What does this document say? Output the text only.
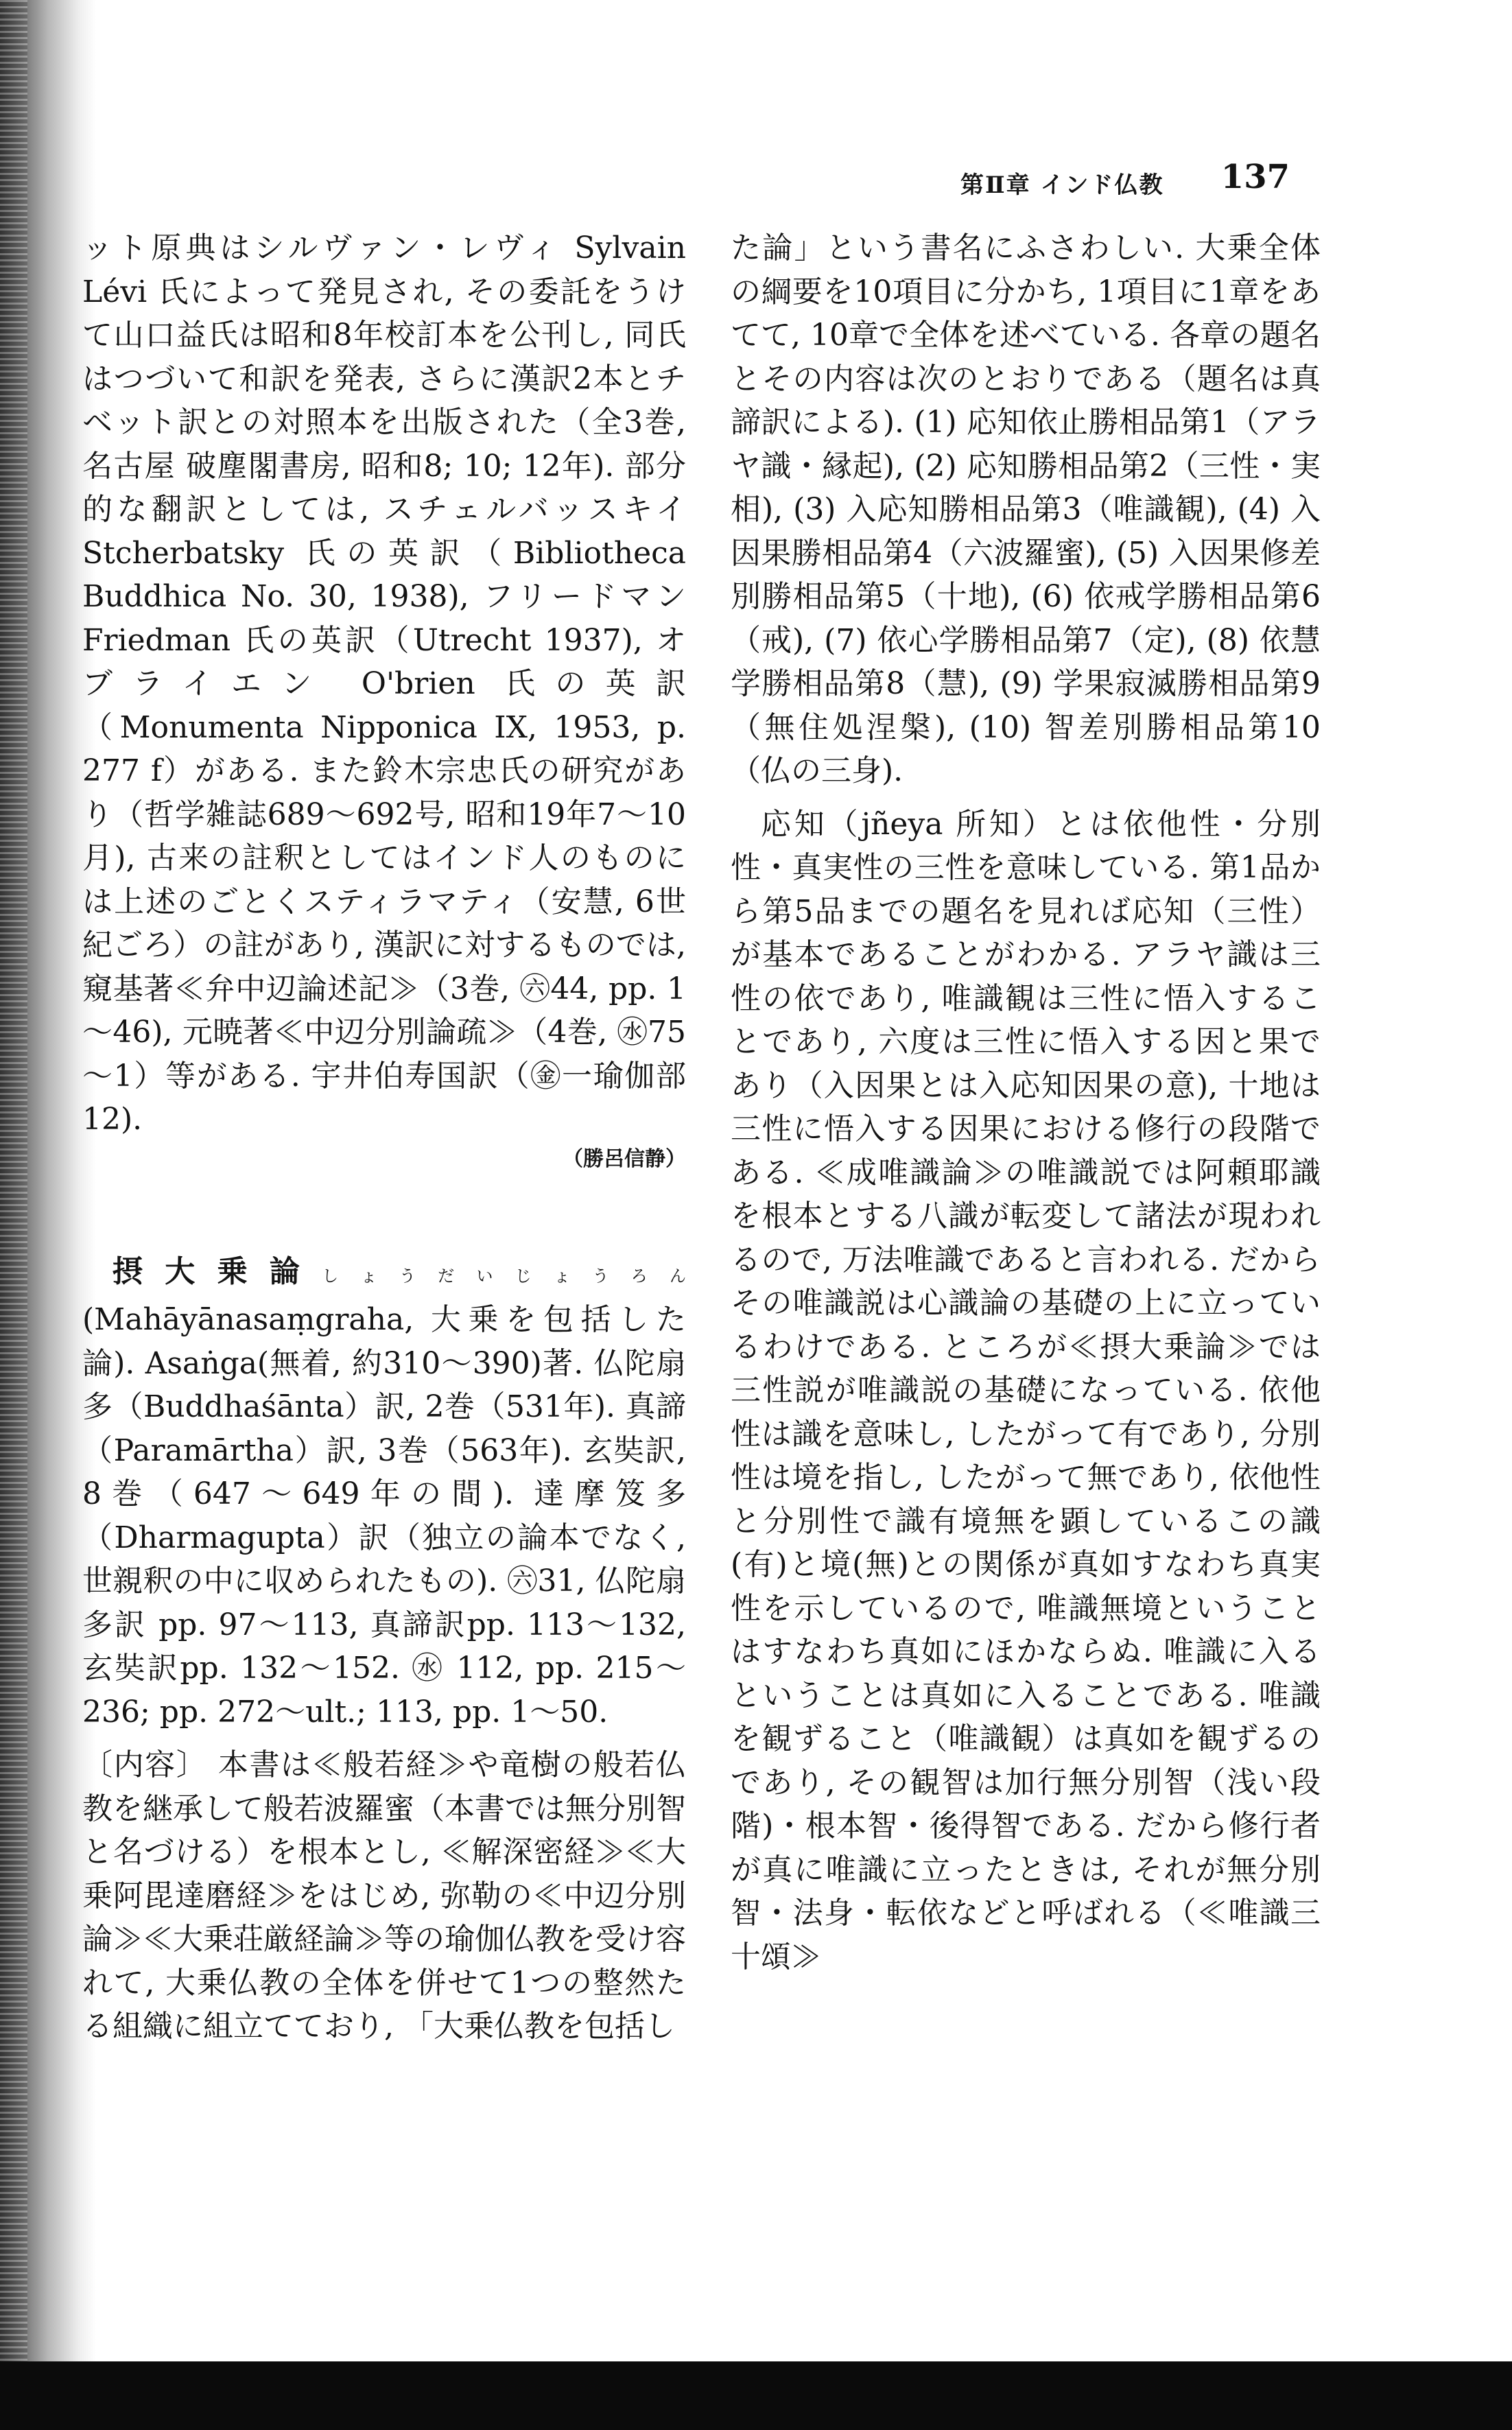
第Ⅱ章 インド仏教 137

ット原典はシルヴァン・レヴィ Sylvain Lévi 氏によって発見され, その委託をうけて山口益氏は昭和8年校訂本を公刊し, 同氏はつづいて和訳を発表, さらに漢訳2本とチベット訳との対照本を出版された（全3巻, 名古屋 破塵閣書房, 昭和8; 10; 12年). 部分的な翻訳としては, スチェルバッスキイ Stcherbatsky 氏の英訳（Bibliotheca Buddhica No. 30, 1938), フリードマン Friedman 氏の英訳（Utrecht 1937), オブライエン O'brien 氏の英訳（Monumenta Nipponica IX, 1953, p. 277 f）がある. また鈴木宗忠氏の研究があり（哲学雑誌689～692号, 昭和19年7～10月), 古来の註釈としてはインド人のものには上述のごとくスティラマティ（安慧, 6世紀ごろ）の註があり, 漢訳に対するものでは, 窺基著≪弁中辺論述記≫（3巻, ㊅44, pp. 1～46), 元暁著≪中辺分別論疏≫（4巻, ㊌75～1）等がある. 宇井伯寿国訳（㊎一瑜伽部12).

（勝呂信静）

摂大乗論しょうだいじょうろん (Mahāyānasaṃgraha, 大乗を包括した論). Asaṅga(無着, 約310～390)著. 仏陀扇多（Buddhaśānta）訳, 2巻（531年). 真諦（Paramārtha）訳, 3巻（563年). 玄奘訳, 8巻（647～649年の間). 達摩笈多（Dharmagupta）訳（独立の論本でなく, 世親釈の中に収められたもの). ㊅31, 仏陀扇多訳 pp. 97～113, 真諦訳pp. 113～132, 玄奘訳pp. 132～152. ㊌ 112, pp. 215～236; pp. 272～ult.; 113, pp. 1～50.

〔内容〕 本書は≪般若経≫や竜樹の般若仏教を継承して般若波羅蜜（本書では無分別智と名づける）を根本とし, ≪解深密経≫≪大乗阿毘達磨経≫をはじめ, 弥勒の≪中辺分別論≫≪大乗荘厳経論≫等の瑜伽仏教を受け容れて, 大乗仏教の全体を併せて1つの整然たる組織に組立てており, 「大乗仏教を包括し

た論」という書名にふさわしい. 大乗全体の綱要を10項目に分かち, 1項目に1章をあてて, 10章で全体を述べている. 各章の題名とその内容は次のとおりである（題名は真諦訳による). (1) 応知依止勝相品第1（アラヤ識・縁起), (2) 応知勝相品第2（三性・実相), (3) 入応知勝相品第3（唯識観), (4) 入因果勝相品第4（六波羅蜜), (5) 入因果修差別勝相品第5（十地), (6) 依戒学勝相品第6（戒), (7) 依心学勝相品第7（定), (8) 依慧学勝相品第8（慧), (9) 学果寂滅勝相品第9（無住処涅槃), (10) 智差別勝相品第10（仏の三身).

応知（jñeya 所知）とは依他性・分別性・真実性の三性を意味している. 第1品から第5品までの題名を見れば応知（三性）が基本であることがわかる. アラヤ識は三性の依であり, 唯識観は三性に悟入することであり, 六度は三性に悟入する因と果であり（入因果とは入応知因果の意), 十地は三性に悟入する因果における修行の段階である. ≪成唯識論≫の唯識説では阿頼耶識を根本とする八識が転変して諸法が現われるので, 万法唯識であると言われる. だからその唯識説は心識論の基礎の上に立っているわけである. ところが≪摂大乗論≫では三性説が唯識説の基礎になっている. 依他性は識を意味し, したがって有であり, 分別性は境を指し, したがって無であり, 依他性と分別性で識有境無を顕しているこの識(有)と境(無)との関係が真如すなわち真実性を示しているので, 唯識無境ということはすなわち真如にほかならぬ. 唯識に入るということは真如に入ることである. 唯識を観ずること（唯識観）は真如を観ずるのであり, その観智は加行無分別智（浅い段階)・根本智・後得智である. だから修行者が真に唯識に立ったときは, それが無分別智・法身・転依などと呼ばれる（≪唯識三十頌≫
